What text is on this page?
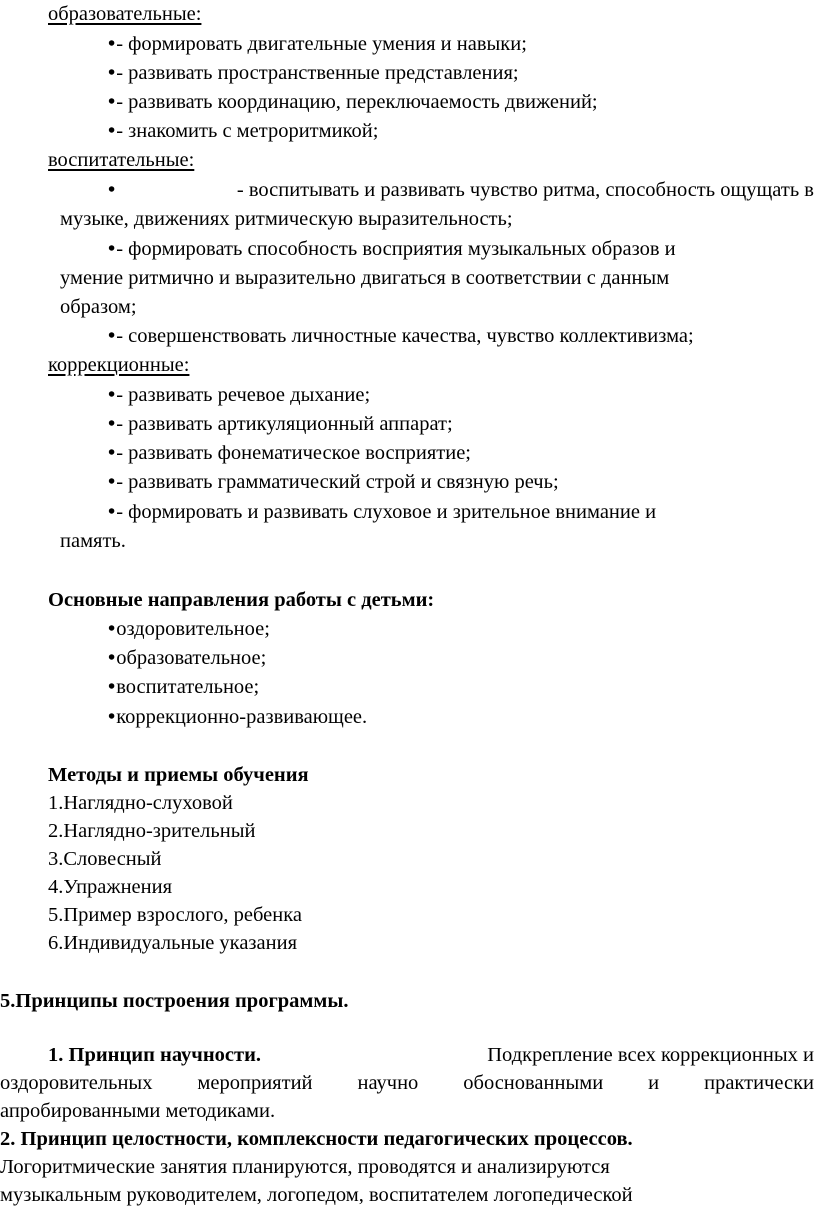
образовательные:
• - формировать двигательные умения и навыки;
• - развивать пространственные представления;
• - развивать координацию, переключаемость движений;
• - знакомить с метроритмикой;
воспитательные:
• - воспитывать и развивать чувство ритма, способность ощущать в
музыке, движениях ритмическую выразительность;
• - формировать способность восприятия музыкальных образов и
умение ритмично и выразительно двигаться в соответствии с данным
образом;
• - совершенствовать личностные качества, чувство коллективизма;
коррекционные:
• - развивать речевое дыхание;
• - развивать артикуляционный аппарат;
• - развивать фонематическое восприятие;
• - развивать грамматический строй и связную речь;
• - формировать и развивать слуховое и зрительное внимание и
память.
Основные направления работы с детьми:
• оздоровительное;
• образовательное;
• воспитательное;
• коррекционно-развивающее.
Методы и приемы обучения
1.Наглядно-слуховой
2.Наглядно-зрительный
3.Словесный
4.Упражнения
5.Пример взрослого, ребенка
6.Индивидуальные указания
5.Принципы построения программы.
1. Принцип научности.	Подкрепление всех коррекционных и
оздоровительных мероприятий научно обоснованными и практически
апробированными методиками.
2. Принцип целостности, комплексности педагогических процессов.
Логоритмические занятия планируются, проводятся и анализируются
музыкальным руководителем, логопедом, воспитателем логопедической
